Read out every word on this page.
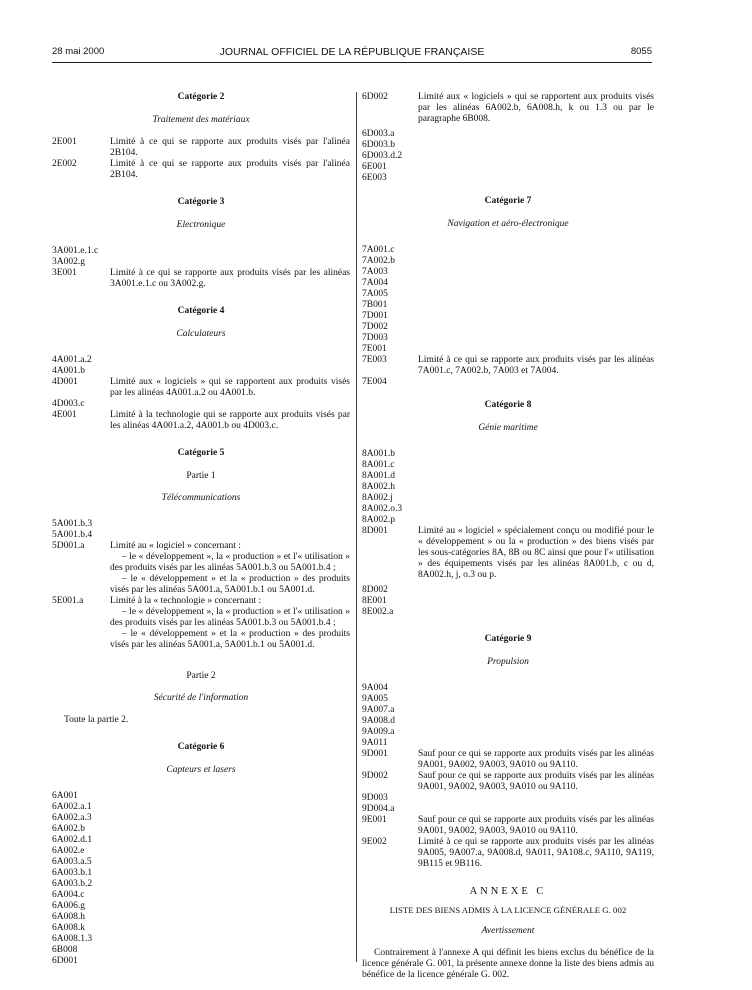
28 mai 2000	JOURNAL OFFICIEL DE LA RÉPUBLIQUE FRANÇAISE	8055
Catégorie 2
Traitement des matériaux
2E001	Limité à ce qui se rapporte aux produits visés par l'alinéa 2B104.
2E002	Limité à ce qui se rapporte aux produits visés par l'alinéa 2B104.
Catégorie 3
Electronique
3A001.e.1.c
3A002.g
3E001	Limité à ce qui se rapporte aux produits visés par les alinéas 3A001.e.1.c ou 3A002.g.
Catégorie 4
Calculateurs
4A001.a.2
4A001.b
4D001	Limité aux « logiciels » qui se rapportent aux produits visés par les alinéas 4A001.a.2 ou 4A001.b.
4D003.c
4E001	Limité à la technologie qui se rapporte aux produits visés par les alinéas 4A001.a.2, 4A001.b ou 4D003.c.
Catégorie 5
Partie 1
Télécommunications
5A001.b.3
5A001.b.4
5D001.a	Limité au « logiciel » concernant :
– le « développement », la « production » et l'« utilisation » des produits visés par les alinéas 5A001.b.3 ou 5A001.b.4 ;
– le « développement » et la « production » des produits visés par les alinéas 5A001.a, 5A001.b.1 ou 5A001.d.
5E001.a	Limité à la « technologie » concernant :
– le « développement », la « production » et l'« utilisation » des produits visés par les alinéas 5A001.b.3 ou 5A001.b.4 ;
– le « développement » et la « production » des produits visés par les alinéas 5A001.a, 5A001.b.1 ou 5A001.d.
Partie 2
Sécurité de l'information
Toute la partie 2.
Catégorie 6
Capteurs et lasers
6A001
6A002.a.1
6A002.a.3
6A002.b
6A002.d.1
6A002.e
6A003.a.5
6A003.b.1
6A003.b.2
6A004.c
6A006.g
6A008.h
6A008.k
6A008.1.3
6B008
6D001
6D002	Limité aux « logiciels » qui se rapportent aux produits visés par les alinéas 6A002.b, 6A008.h, k ou 1.3 ou par le paragraphe 6B008.
6D003.a
6D003.b
6D003.d.2
6E001
6E003
Catégorie 7
Navigation et aéro-électronique
7A001.c
7A002.b
7A003
7A004
7A005
7B001
7D001
7D002
7D003
7E001
7E003	Limité à ce qui se rapporte aux produits visés par les alinéas 7A001.c, 7A002.b, 7A003 et 7A004.
7E004
Catégorie 8
Génie maritime
8A001.b
8A001.c
8A001.d
8A002.h
8A002.j
8A002.o.3
8A002.p
8D001	Limité au « logiciel » spécialement conçu ou modifié pour le « développement » ou la « production » des biens visés par les sous-catégories 8A, 8B ou 8C ainsi que pour l'« utilisation » des équipements visés par les alinéas 8A001.b, c ou d, 8A002.h, j, o.3 ou p.
8D002
8E001
8E002.a
Catégorie 9
Propulsion
9A004
9A005
9A007.a
9A008.d
9A009.a
9A011
9D001	Sauf pour ce qui se rapporte aux produits visés par les alinéas 9A001, 9A002, 9A003, 9A010 ou 9A110.
9D002	Sauf pour ce qui se rapporte aux produits visés par les alinéas 9A001, 9A002, 9A003, 9A010 ou 9A110.
9D003
9D004.a
9E001	Sauf pour ce qui se rapporte aux produits visés par les alinéas 9A001, 9A002, 9A003, 9A010 ou 9A110.
9E002	Limité à ce qui se rapporte aux produits visés par les alinéas 9A005, 9A007.a, 9A008.d, 9A011, 9A108.c, 9A110, 9A119, 9B115 et 9B116.
ANNEXE C
LISTE DES BIENS ADMIS À LA LICENCE GÉNÉRALE G. 002
Avertissement
Contrairement à l'annexe A qui définit les biens exclus du bénéfice de la licence générale G. 001, la présente annexe donne la liste des biens admis au bénéfice de la licence générale G. 002.
